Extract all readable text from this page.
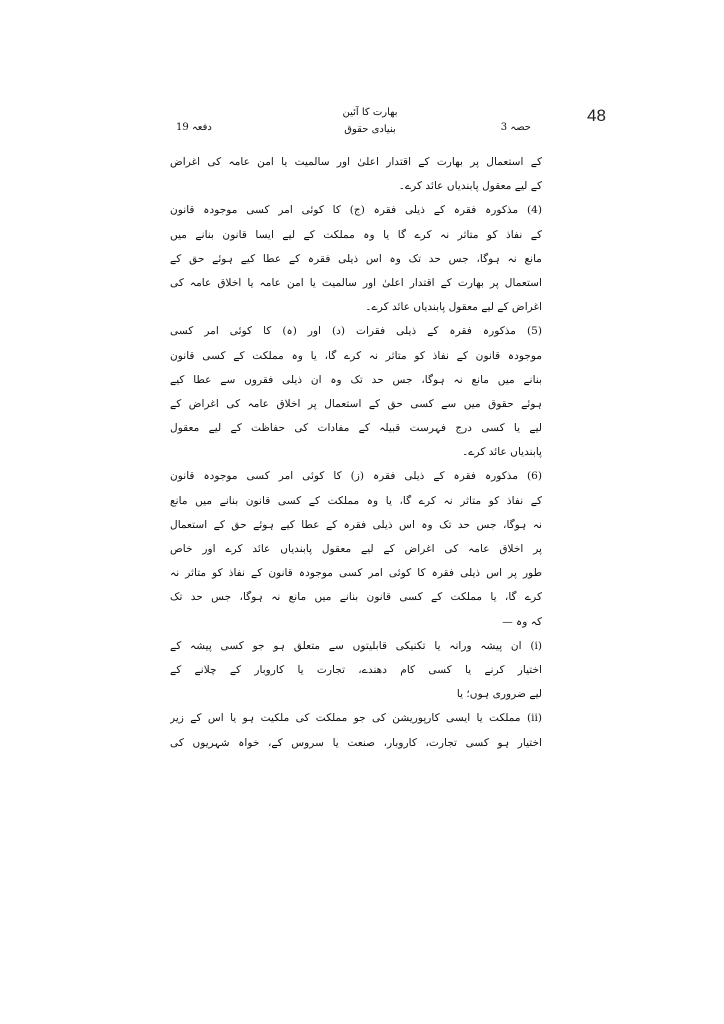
48
بھارت کا آئین
بنیادی حقوق
دفعہ 19	حصہ 3
کے استعمال پر بھارت کے اقتدار اعلیٰ اور سالمیت یا امن عامہ کی اغراض
کے لیے معقول پابندیاں عائد کرے۔
(4) مذکورہ فقرہ کے ذیلی فقرہ (ج) کا کوئی امر کسی موجودہ قانون
کے نفاذ کو متاثر نہ کرے گا یا وہ مملکت کے لیے ایسا قانون بنانے میں
مانع نہ ہوگا، جس حد تک وہ اس ذیلی فقرہ کے عطا کیے ہوئے حق کے
استعمال پر بھارت کے اقتدار اعلیٰ اور سالمیت یا امن عامہ یا اخلاق عامہ کی
اغراض کے لیے معقول پابندیاں عائد کرے۔
(5) مذکورہ فقرہ کے ذیلی فقرات (د) اور (ہ) کا کوئی امر کسی
موجودہ قانون کے نفاذ کو متاثر نہ کرے گا، یا وہ مملکت کے کسی قانون
بنانے میں مانع نہ ہوگا، جس حد تک وہ ان ذیلی فقروں سے عطا کیے
ہوئے حقوق میں سے کسی حق کے استعمال پر اخلاق عامہ کی اغراض کے
لیے یا کسی درج فہرست قبیلہ کے مفادات کی حفاظت کے لیے معقول
پابندیاں عائد کرے۔
(6) مذکورہ فقرہ کے ذیلی فقرہ (ز) کا کوئی امر کسی موجودہ قانون
کے نفاذ کو متاثر نہ کرے گا، یا وہ مملکت کے کسی قانون بنانے میں مانع
نہ ہوگا، جس حد تک وہ اس ذیلی فقرہ کے عطا کیے ہوئے حق کے استعمال
پر اخلاق عامہ کی اغراض کے لیے معقول پابندیاں عائد کرے اور خاص
طور پر اس ذیلی فقرہ کا کوئی امر کسی موجودہ قانون کے نفاذ کو متاثر نہ
کرے گا، یا مملکت کے کسی قانون بنانے میں مانع نہ ہوگا، جس حد تک
کہ وہ —
(i) ان پیشہ ورانہ یا تکنیکی قابلیتوں سے متعلق ہو جو کسی پیشہ کے
اختیار کرنے یا کسی کام دھندے، تجارت یا کاروبار کے چلانے کے
لیے ضروری ہوں؛ یا
(ii) مملکت یا ایسی کارپوریشن کی جو مملکت کی ملکیت ہو یا اس کے زیر
اختیار ہو کسی تجارت، کاروبار، صنعت یا سروس کے، خواہ شہریوں کی
